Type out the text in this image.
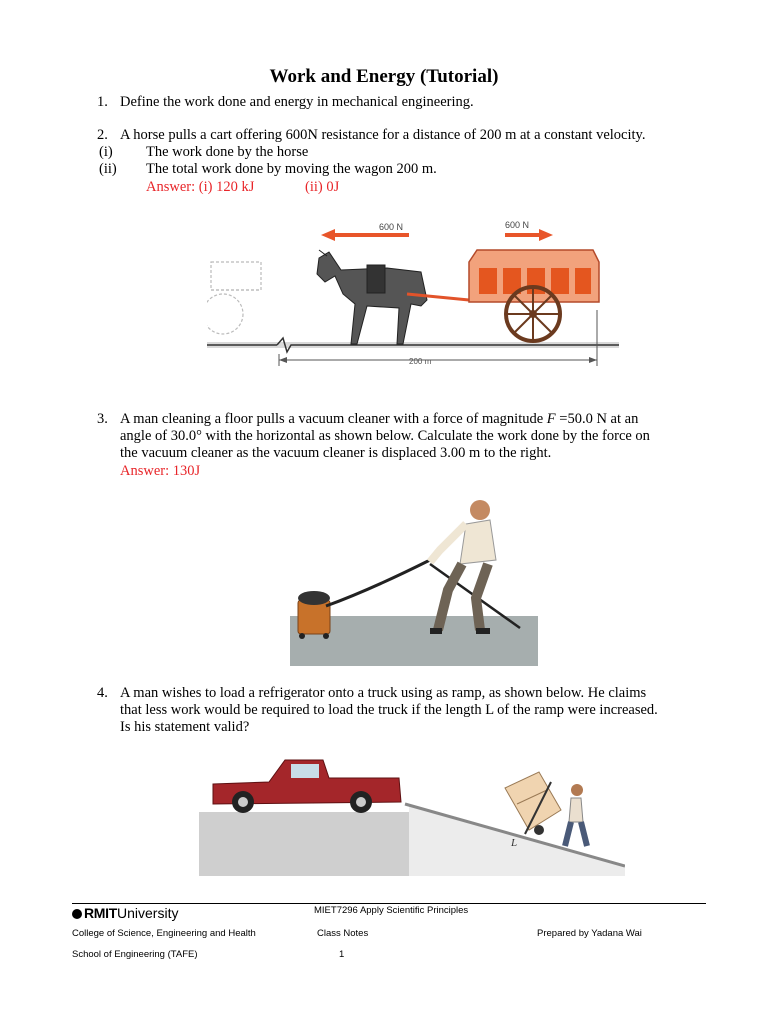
Work and Energy (Tutorial)
1. Define the work done and energy in mechanical engineering.
2. A horse pulls a cart offering 600N resistance for a distance of 200 m at a constant velocity.
(i) The work done by the horse
(ii) The total work done by moving the wagon 200 m.
Answer: (i) 120 kJ	(ii) 0J
600 N	600 N
200 m
3. A man cleaning a floor pulls a vacuum cleaner with a force of magnitude F =50.0 N at an
angle of 30.0° with the horizontal as shown below. Calculate the work done by the force on
the vacuum cleaner as the vacuum cleaner is displaced 3.00 m to the right.
Answer: 130J
4. A man wishes to load a refrigerator onto a truck using as ramp, as shown below. He claims
that less work would be required to load the truck if the length L of the ramp were increased.
Is his statement valid?
L
RMITUniversity	MIET7296 Apply Scientific Principles
College of Science, Engineering and Health	Class Notes	Prepared by Yadana Wai
School of Engineering (TAFE)	1
